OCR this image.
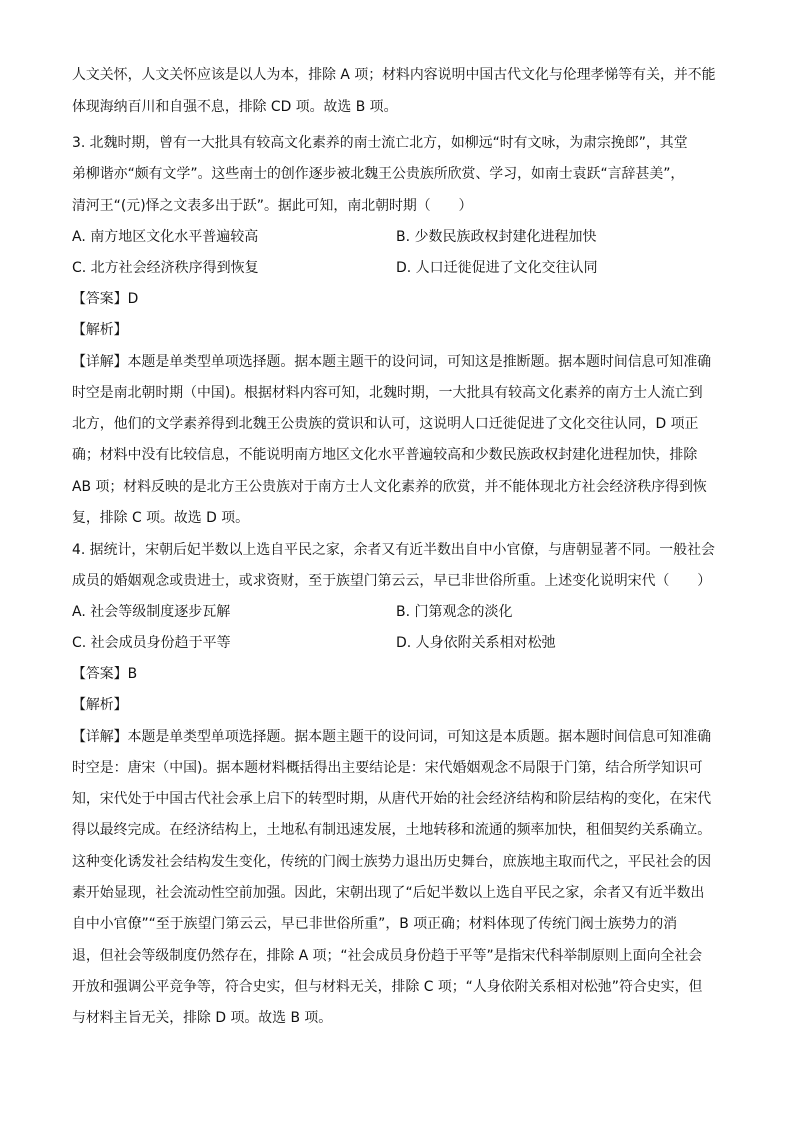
人文关怀，人文关怀应该是以人为本，排除 A 项；材料内容说明中国古代文化与伦理孝悌等有关，并不能
体现海纳百川和自强不息，排除 CD 项。故选 B 项。
3. 北魏时期，曾有一大批具有较高文化素养的南士流亡北方，如柳远“时有文咏，为肃宗挽郎”，其堂
弟柳谐亦“颇有文学”。这些南士的创作逐步被北魏王公贵族所欣赏、学习，如南士袁跃“言辞甚美”，
清河王“(元)怿之文表多出于跃”。据此可知，南北朝时期（　　）
A. 南方地区文化水平普遍较高	B. 少数民族政权封建化进程加快
C. 北方社会经济秩序得到恢复	D. 人口迁徙促进了文化交往认同
【答案】D
【解析】
【详解】本题是单类型单项选择题。据本题主题干的设问词，可知这是推断题。据本题时间信息可知准确
时空是南北朝时期（中国)。根据材料内容可知，北魏时期，一大批具有较高文化素养的南方士人流亡到
北方，他们的文学素养得到北魏王公贵族的赏识和认可，这说明人口迁徙促进了文化交往认同，D 项正
确；材料中没有比较信息，不能说明南方地区文化水平普遍较高和少数民族政权封建化进程加快，排除
AB 项；材料反映的是北方王公贵族对于南方士人文化素养的欣赏，并不能体现北方社会经济秩序得到恢
复，排除 C 项。故选 D 项。
4. 据统计，宋朝后妃半数以上选自平民之家，余者又有近半数出自中小官僚，与唐朝显著不同。一般社会
成员的婚姻观念或贵进士，或求资财，至于族望门第云云，早已非世俗所重。上述变化说明宋代（　　）
A. 社会等级制度逐步瓦解	B. 门第观念的淡化
C. 社会成员身份趋于平等	D. 人身依附关系相对松弛
【答案】B
【解析】
【详解】本题是单类型单项选择题。据本题主题干的设问词，可知这是本质题。据本题时间信息可知准确
时空是：唐宋（中国)。据本题材料概括得出主要结论是：宋代婚姻观念不局限于门第，结合所学知识可
知，宋代处于中国古代社会承上启下的转型时期，从唐代开始的社会经济结构和阶层结构的变化，在宋代
得以最终完成。在经济结构上，土地私有制迅速发展，土地转移和流通的频率加快，租佃契约关系确立。
这种变化诱发社会结构发生变化，传统的门阀士族势力退出历史舞台，庶族地主取而代之，平民社会的因
素开始显现，社会流动性空前加强。因此，宋朝出现了“后妃半数以上选自平民之家，余者又有近半数出
自中小官僚”“至于族望门第云云，早已非世俗所重”，B 项正确；材料体现了传统门阀士族势力的消
退，但社会等级制度仍然存在，排除 A 项；“社会成员身份趋于平等”是指宋代科举制原则上面向全社会
开放和强调公平竞争等，符合史实，但与材料无关，排除 C 项；“人身依附关系相对松弛”符合史实，但
与材料主旨无关，排除 D 项。故选 B 项。
